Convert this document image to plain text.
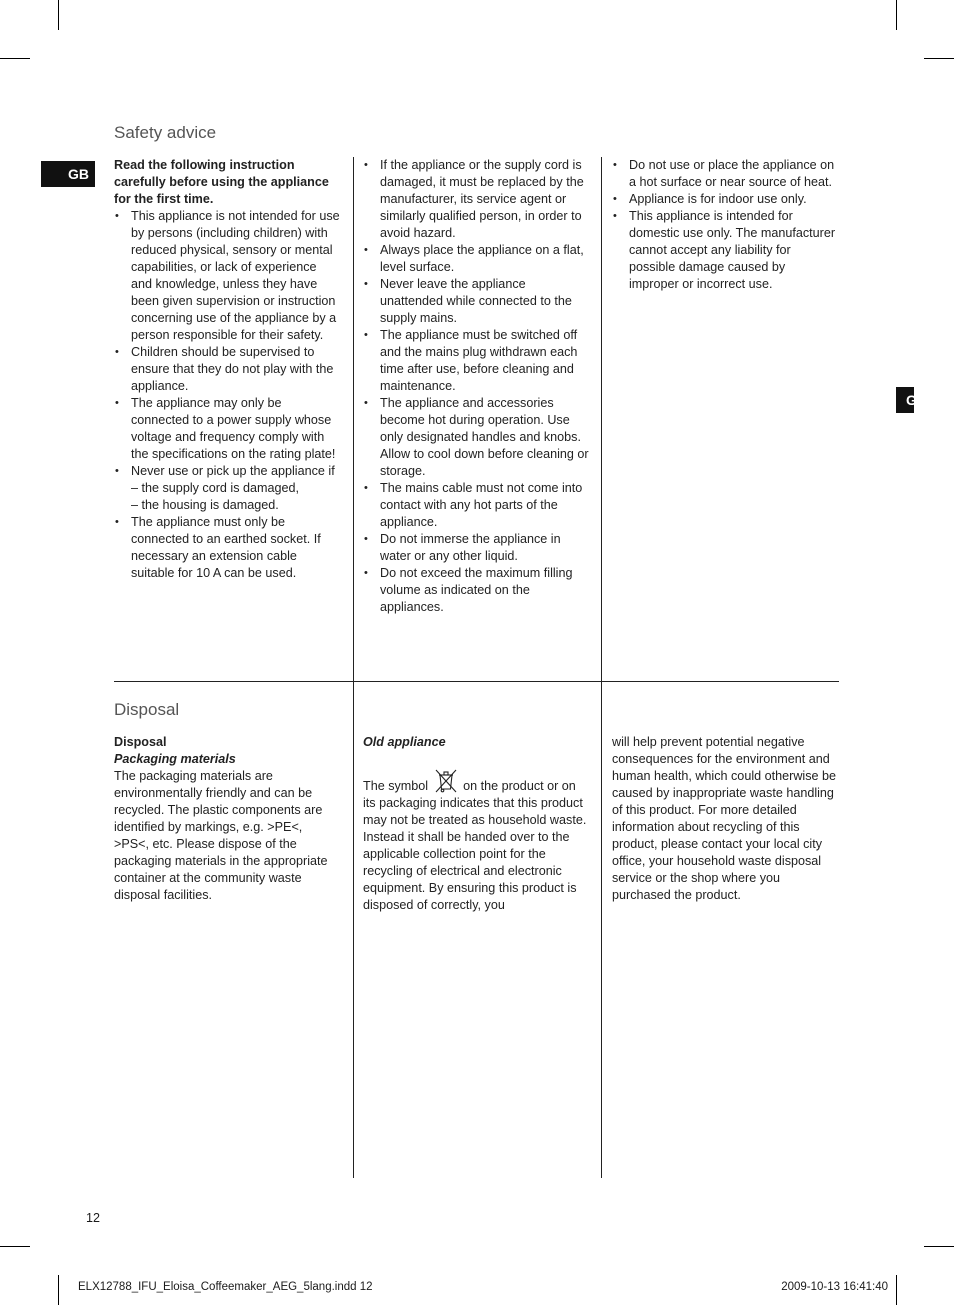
GB
G
Safety advice

Read the following instruction carefully before using the appliance for the first time.

• This appliance is not intended for use by persons (including children) with reduced physical, sensory or mental capabilities, or lack of experience and knowledge, unless they have been given supervision or instruction concerning use of the appliance by a person responsible for their safety.
• Children should be supervised to ensure that they do not play with the appliance.
• The appliance may only be connected to a power supply whose voltage and frequency comply with the specifications on the rating plate!
• Never use or pick up the appliance if
– the supply cord is damaged,
– the housing is damaged.
• The appliance must only be connected to an earthed socket. If necessary an extension cable suitable for 10 A can be used.
• If the appliance or the supply cord is damaged, it must be replaced by the manufacturer, its service agent or similarly qualified person, in order to avoid hazard.
• Always place the appliance on a flat, level surface.
• Never leave the appliance unattended while connected to the supply mains.
• The appliance must be switched off and the mains plug withdrawn each time after use, before cleaning and maintenance.
• The appliance and accessories become hot during operation. Use only designated handles and knobs. Allow to cool down before cleaning or storage.
• The mains cable must not come into contact with any hot parts of the appliance.
• Do not immerse the appliance in water or any other liquid.
• Do not exceed the maximum filling volume as indicated on the appliances.
• Do not use or place the appliance on a hot surface or near source of heat.
• Appliance is for indoor use only.
• This appliance is intended for domestic use only. The manufacturer cannot accept any liability for possible damage caused by improper or incorrect use.
Disposal

Disposal

Packaging materials

The packaging materials are environmentally friendly and can be recycled. The plastic components are identified by markings, e.g. >PE<, >PS<, etc. Please dispose of the packaging materials in the appropriate container at the community waste disposal facilities.

Old appliance

The symbol	on the product or on its packaging indicates that this product may not be treated as household waste. Instead it shall be handed over to the applicable collection point for the recycling of electrical and electronic equipment. By ensuring this product is disposed of correctly, you

will help prevent potential negative consequences for the environment and human health, which could otherwise be caused by inappropriate waste handling of this product. For more detailed information about recycling of this product, please contact your local city office, your household waste disposal service or the shop where you purchased the product.

12
ELX12788_IFU_Eloisa_Coffeemaker_AEG_5lang.indd 12	2009-10-13 16:41:40
